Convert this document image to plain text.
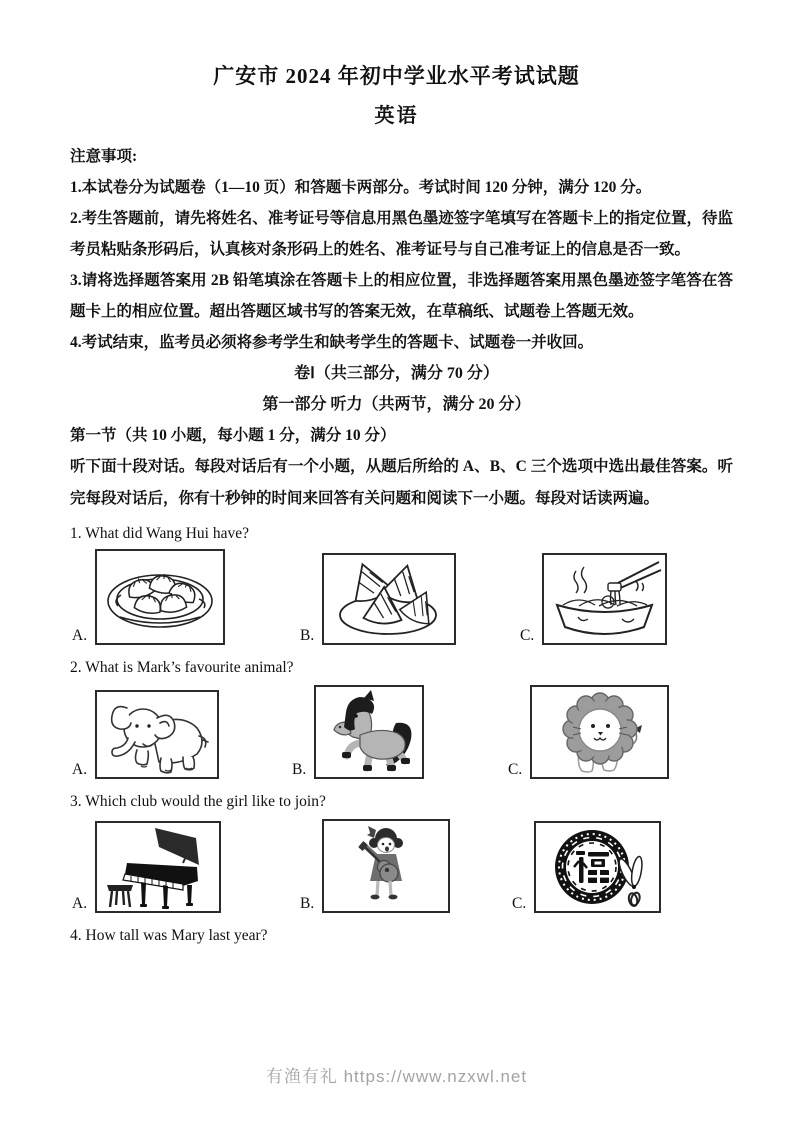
广安市 2024 年初中学业水平考试试题
英语

注意事项:

1.本试卷分为试题卷（1—10 页）和答题卡两部分。考试时间 120 分钟，满分 120 分。

2.考生答题前，请先将姓名、准考证号等信息用黑色墨迹签字笔填写在答题卡上的指定位置，待监考员粘贴条形码后，认真核对条形码上的姓名、准考证号与自己准考证上的信息是否一致。

3.请将选择题答案用 2B 铅笔填涂在答题卡上的相应位置，非选择题答案用黑色墨迹签字笔答在答题卡上的相应位置。超出答题区域书写的答案无效，在草稿纸、试题卷上答题无效。

4.考试结束，监考员必须将参考学生和缺考学生的答题卡、试题卷一并收回。

卷Ⅰ（共三部分，满分 70 分）
第一部分 听力（共两节，满分 20 分）
第一节（共 10 小题，每小题 1 分，满分 10 分）
听下面十段对话。每段对话后有一个小题，从题后所给的 A、B、C 三个选项中选出最佳答案。听完每段对话后，你有十秒钟的时间来回答有关问题和阅读下一小题。每段对话读两遍。
1. What did Wang Hui have?
A.	B.	C.
2. What is Mark’s favourite animal?
A.	B.	C.
3. Which club would the girl like to join?
A.	B.	C.
4. How tall was Mary last year?
有渔有礼 https://www.nzxwl.net
